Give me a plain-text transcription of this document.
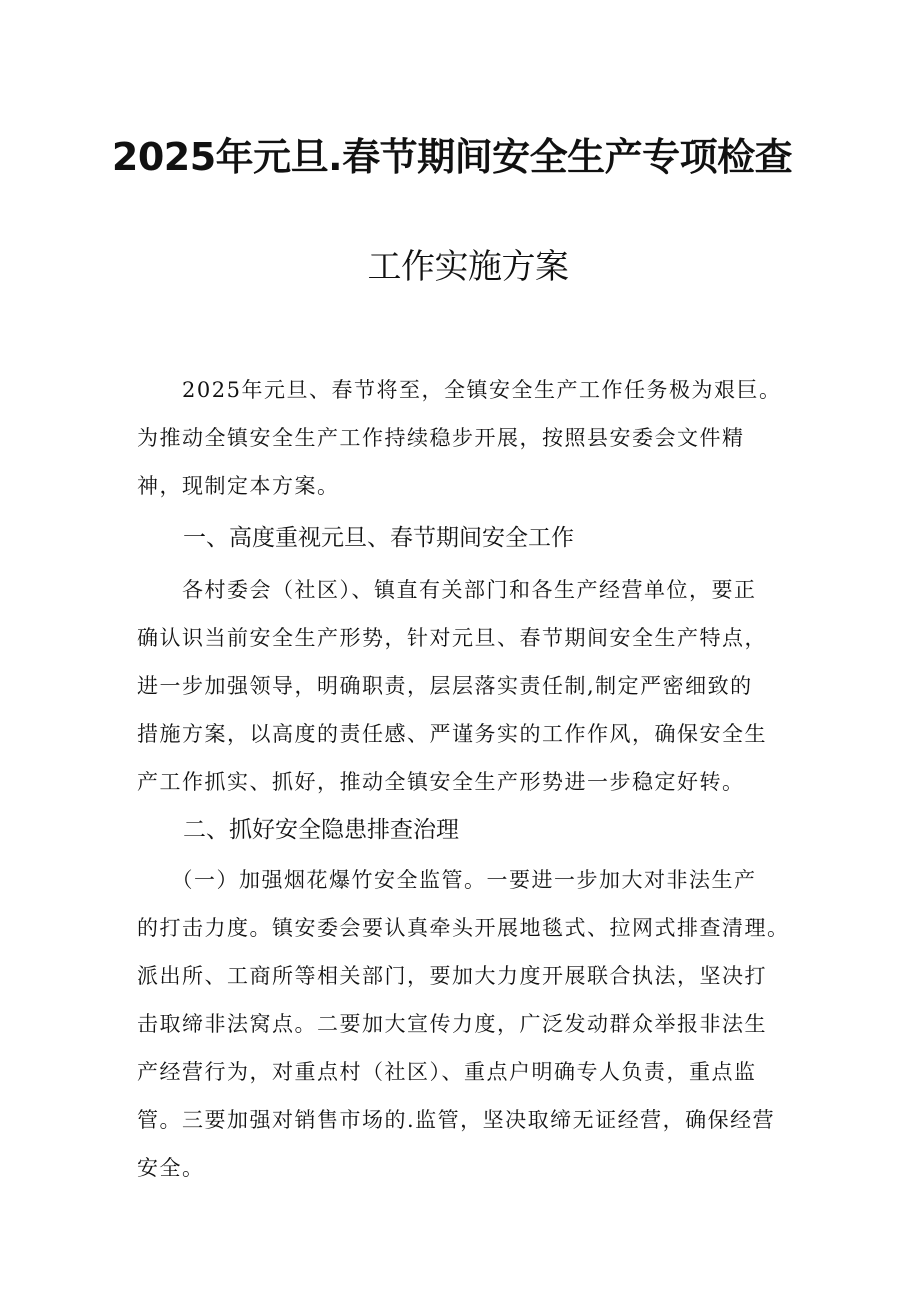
2025年元旦.春节期间安全生产专项检查
工作实施方案
　　2025年元旦、春节将至，全镇安全生产工作任务极为艰巨。
为推动全镇安全生产工作持续稳步开展，按照县安委会文件精
神，现制定本方案。
一、高度重视元旦、春节期间安全工作
　　各村委会（社区）、镇直有关部门和各生产经营单位，要正
确认识当前安全生产形势，针对元旦、春节期间安全生产特点，
进一步加强领导，明确职责，层层落实责任制,制定严密细致的
措施方案，以高度的责任感、严谨务实的工作作风，确保安全生
产工作抓实、抓好，推动全镇安全生产形势进一步稳定好转。
二、抓好安全隐患排查治理
　　（一）加强烟花爆竹安全监管。一要进一步加大对非法生产
的打击力度。镇安委会要认真牵头开展地毯式、拉网式排查清理。
派出所、工商所等相关部门，要加大力度开展联合执法，坚决打
击取缔非法窝点。二要加大宣传力度，广泛发动群众举报非法生
产经营行为，对重点村（社区）、重点户明确专人负责，重点监
管。三要加强对销售市场的.监管，坚决取缔无证经营，确保经营
安全。
